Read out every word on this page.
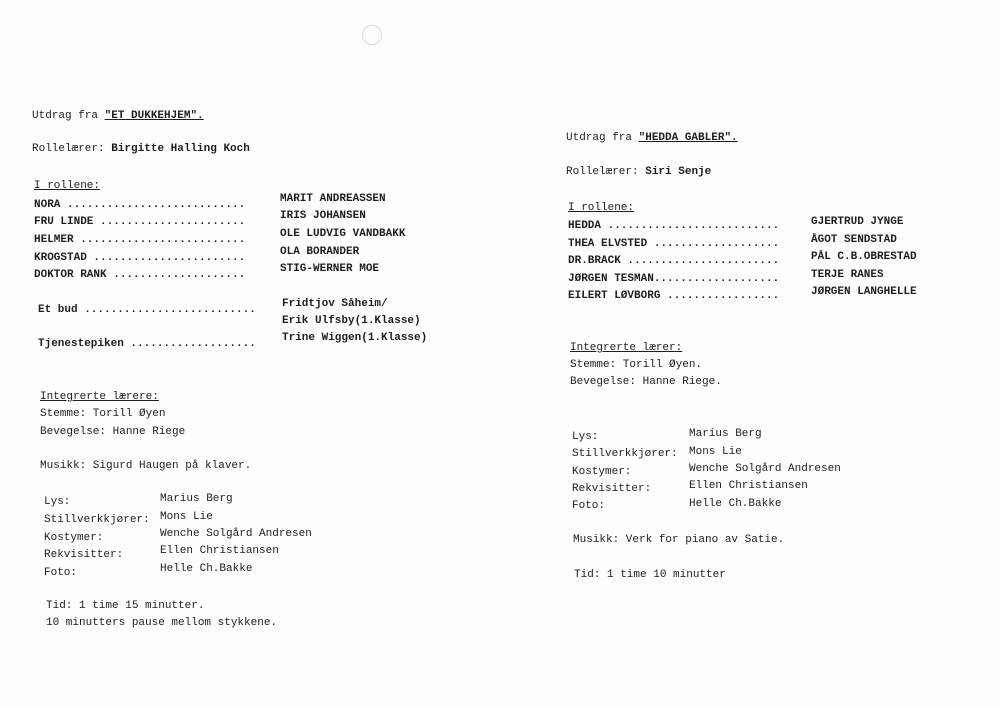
Utdrag fra "ET DUKKEHJEM".
Rollelærer: Birgitte Halling Koch
I rollene:
NORA ...........................	MARIT ANDREASSEN
FRU LINDE ......................	IRIS JOHANSEN
HELMER .........................	OLE LUDVIG VANDBAKK
KROGSTAD .......................	OLA BORANDER
DOKTOR RANK ....................	STIG-WERNER MOE
Et bud .......................... Fridtjov Såheim/
Erik Ulfsby(1.Klasse)
Tjenestepiken ................... Trine Wiggen(1.Klasse)
Integrerte lærere:
Stemme: Torill Øyen
Bevegelse: Hanne Riege
Musikk: Sigurd Haugen på klaver.
Lys:	Marius Berg
Stillverkkjører: Mons Lie
Kostymer:	Wenche Solgård Andresen
Rekvisitter:	Ellen Christiansen
Foto:	Helle Ch.Bakke
Tid: 1 time 15 minutter.
10 minutters pause mellom stykkene.
Utdrag fra "HEDDA GABLER".
Rollelærer: Siri Senje
I rollene:
HEDDA ..........................	GJERTRUD JYNGE
THEA ELVSTED ...................	ÅGOT SENDSTAD
DR.BRACK .......................	PÅL C.B.OBRESTAD
JØRGEN TESMAN...................	TERJE RANES
EILERT LØVBORG .................	JØRGEN LANGHELLE
Integrerte lærer:
Stemme: Torill Øyen.
Bevegelse: Hanne Riege.
Lys:	Marius Berg
Stillverkkjører: Mons Lie
Kostymer:	Wenche Solgård Andresen
Rekvisitter:	Ellen Christiansen
Foto:	Helle Ch.Bakke
Musikk: Verk for piano av Satie.
Tid: 1 time 10 minutter
